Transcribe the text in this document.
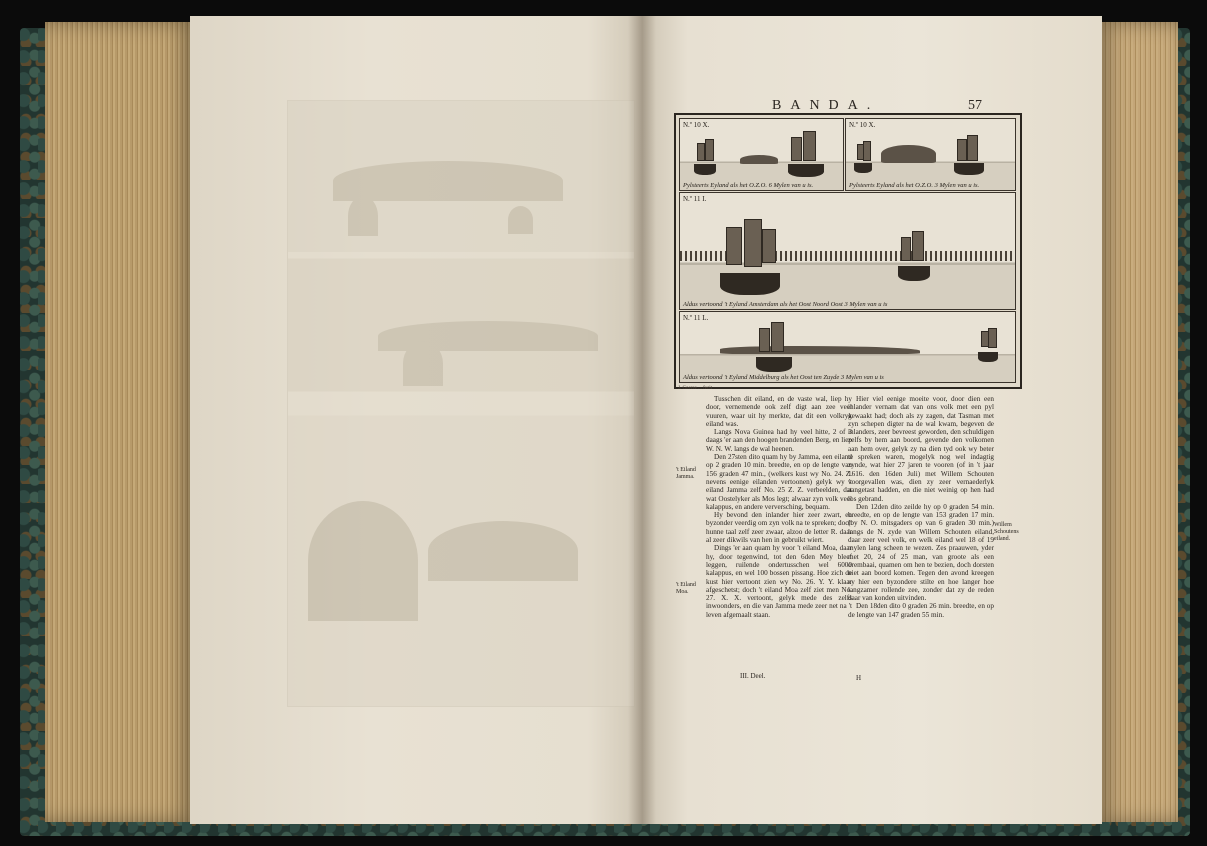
BANDA.	57
N.º 10 X.
Pylsteerts Eyland als het O.Z.O. 6 Mylen van u is.
N.º 10 X.
Pylsteerts Eyland als het O.Z.O. 3 Mylen van u is.
N.º 11 I.
Aldus vertoond 't Eyland Amsterdam als het Oost Noord Oost 3 Mylen van u is
N.º 11 L.
Aldus vertoond 't Eyland Middelburg als het Oost ten Zuyde 3 Mylen van u is
J. Goeree ... fecit

Tusschen dit eiland, en de vaste wal, liep hy door, vernemende ook zelf digt aan zee veel vuuren, waar uit hy merkte, dat dit een volkryk eiland was.

Langs Nova Guinea had hy veel hitte, 2 of 3 daags 'er aan den hoogen brandenden Berg, en liep W. N. W. langs de wal heenen.

Den 27sten dito quam hy by Jamma, een eiland op 2 graden 10 min. breedte, en op de lengte van 156 graden 47 min., (welkers kust wy No. 24. Z. nevens eenige eilanden vertoonen) gelyk wy 't eiland Jamma zelf No. 25 Z. Z. verbeelden, dat wat Oostelyker als Mos legt; alwaar zyn volk veel kalappus, en andere verversching, bequam.

Hy bevond den inlander hier zeer zwart, en byzonder veerdig om zyn volk na te spreken; doch hunne taal zelf zeer zwaar, alzoo de letter R. daar al zeer dikwils van hen in gebruikt wiert.

Dings 'er aan quam hy voor 't eiland Moa, daar hy, door tegenwind, tot den 6den Mey bleef leggen, ruilende ondertusschen wel 6000 kalappus, en wel 100 bossen pissang. Hoe zich de kust hier vertoont zien wy No. 26. Y. Y. klaar afgeschetst; doch 't eiland Moa zelf ziet men No. 27. X. X. vertoont, gelyk mede des zelfs inwoonders, en die van Jamma mede zeer net na 't leven afgemaalt staan.

't Eiland Jamma.
't Eiland Moa.
III. Deel.

Hier viel eenige moeite voor, door dien een inlander vernam dat van ons volk met een pyl gewaakt had; doch als zy zagen, dat Tasman met zyn schepen digter na de wal kwam, begeven de inlanders, zeer bevreest geworden, den schuldigen zelfs by hem aan boord, gevende den volkomen aan hem over, gelyk zy na dien tyd ook wy beter te spreken waren, mogelyk nog wel indagtig zynde, wat hier 27 jaren te vooren (of in 't jaar 1616. den 16den Juli) met Willem Schouten voorgevallen was, dien zy zeer vernaederlyk aangetast hadden, en die niet weinig op hen had los gebrand.

Den 12den dito zeilde hy op 0 graden 54 min. breedte, en op de lengte van 153 graden 17 min. (by N. O. mitsgaders op van 6 graden 30 min.) langs de N. zyde van Willem Schouten eiland, daar zeer veel volk, en welk eiland wel 18 of 19 mylen lang scheen te wezen. Zes praauwen, yder met 20, 24 of 25 man, van groote als een orembaai, quamen om hen te bezien, doch dorsten niet aan boord komen. Tegen den avond kreegen zy hier een byzondere stilte en hoe langer hoe langzamer rollende zee, zonder dat zy de reden daar van konden uitvinden.

Den 18den dito 0 graden 26 min. breedte, en op de lengte van 147 graden 55 min.

Willem Schoutens eiland.
H
